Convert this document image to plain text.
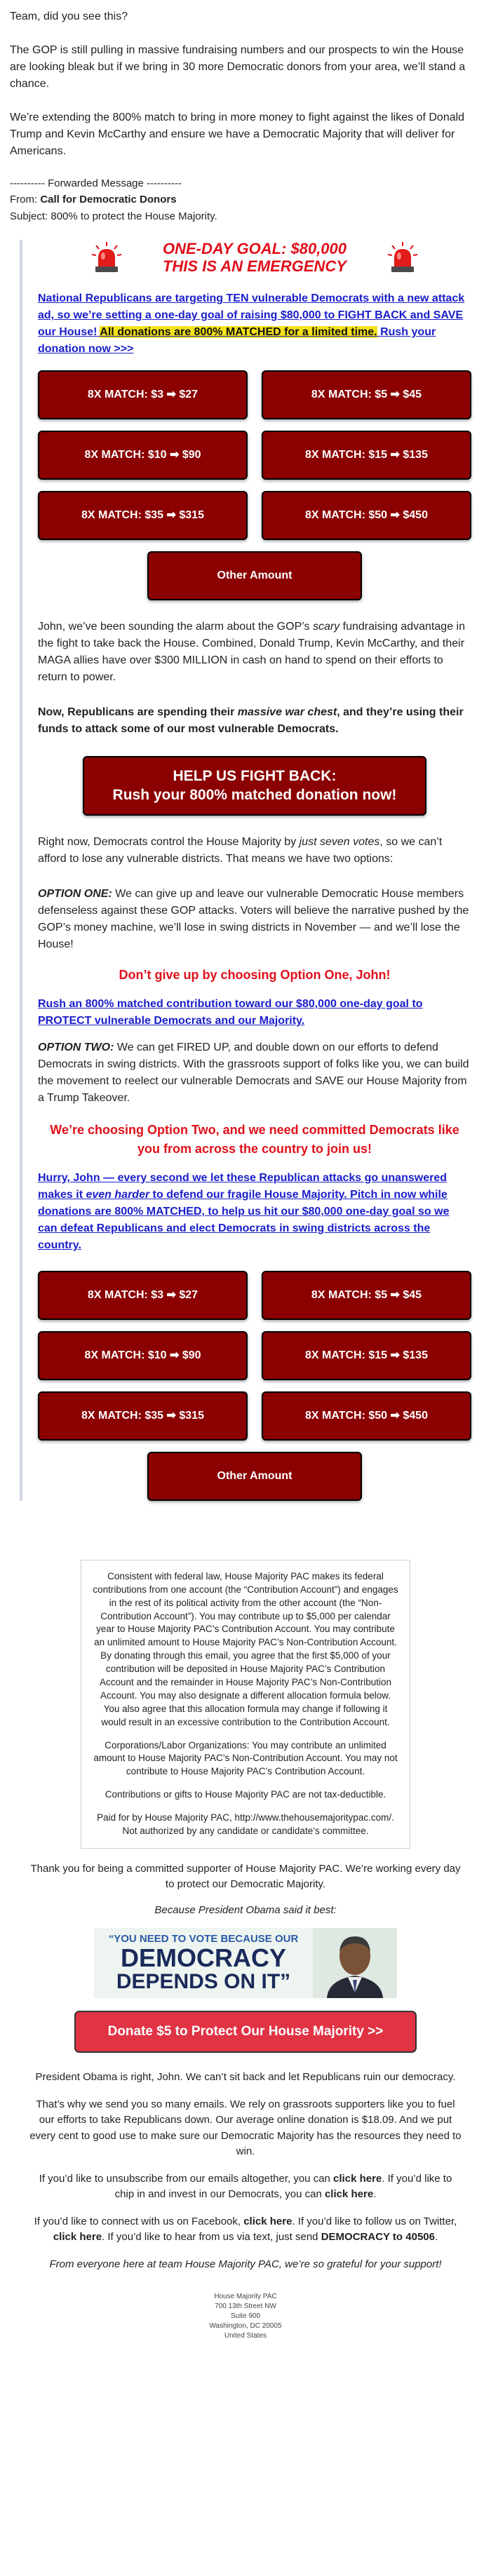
Team, did you see this?

The GOP is still pulling in massive fundraising numbers and our prospects to win the House are looking bleak but if we bring in 30 more Democratic donors from your area, we’ll stand a chance.

We’re extending the 800% match to bring in more money to fight against the likes of Donald Trump and Kevin McCarthy and ensure we have a Democratic Majority that will deliver for Americans.

---------- Forwarded Message ----------
From: Call for Democratic Donors
Subject: 800% to protect the House Majority.
ONE-DAY GOAL: $80,000
THIS IS AN EMERGENCY

National Republicans are targeting TEN vulnerable Democrats with a new attack ad, so we’re setting a one-day goal of raising $80,000 to FIGHT BACK and SAVE our House! All donations are 800% MATCHED for a limited time. Rush your donation now >>>

8X MATCH: $3 ➡ $27	8X MATCH: $5 ➡ $45
8X MATCH: $10 ➡ $90	8X MATCH: $15 ➡ $135
8X MATCH: $35 ➡ $315	8X MATCH: $50 ➡ $450
Other Amount

John, we’ve been sounding the alarm about the GOP’s scary fundraising advantage in the fight to take back the House. Combined, Donald Trump, Kevin McCarthy, and their MAGA allies have over $300 MILLION in cash on hand to spend on their efforts to return to power.

Now, Republicans are spending their massive war chest, and they’re using their funds to attack some of our most vulnerable Democrats.

HELP US FIGHT BACK:
Rush your 800% matched donation now!

Right now, Democrats control the House Majority by just seven votes, so we can’t afford to lose any vulnerable districts. That means we have two options:

OPTION ONE: We can give up and leave our vulnerable Democratic House members defenseless against these GOP attacks. Voters will believe the narrative pushed by the GOP’s money machine, we’ll lose in swing districts in November — and we’ll lose the House!

Don’t give up by choosing Option One, John!

Rush an 800% matched contribution toward our $80,000 one-day goal to PROTECT vulnerable Democrats and our Majority.

OPTION TWO: We can get FIRED UP, and double down on our efforts to defend Democrats in swing districts. With the grassroots support of folks like you, we can build the movement to reelect our vulnerable Democrats and SAVE our House Majority from a Trump Takeover.

We’re choosing Option Two, and we need committed Democrats like you from across the country to join us!

Hurry, John — every second we let these Republican attacks go unanswered makes it even harder to defend our fragile House Majority. Pitch in now while donations are 800% MATCHED, to help us hit our $80,000 one-day goal so we can defeat Republicans and elect Democrats in swing districts across the country.

8X MATCH: $3 ➡ $27	8X MATCH: $5 ➡ $45
8X MATCH: $10 ➡ $90	8X MATCH: $15 ➡ $135
8X MATCH: $35 ➡ $315	8X MATCH: $50 ➡ $450
Other Amount

Consistent with federal law, House Majority PAC makes its federal contributions from one account (the “Contribution Account”) and engages in the rest of its political activity from the other account (the “Non-Contribution Account”). You may contribute up to $5,000 per calendar year to House Majority PAC’s Contribution Account. You may contribute an unlimited amount to House Majority PAC’s Non-Contribution Account. By donating through this email, you agree that the first $5,000 of your contribution will be deposited in House Majority PAC’s Contribution Account and the remainder in House Majority PAC’s Non-Contribution Account. You may also designate a different allocation formula below. You also agree that this allocation formula may change if following it would result in an excessive contribution to the Contribution Account.

Corporations/Labor Organizations: You may contribute an unlimited amount to House Majority PAC’s Non-Contribution Account. You may not contribute to House Majority PAC’s Contribution Account.

Contributions or gifts to House Majority PAC are not tax-deductible.

Paid for by House Majority PAC, http://www.thehousemajoritypac.com/. Not authorized by any candidate or candidate’s committee.

Thank you for being a committed supporter of House Majority PAC. We’re working every day to protect our Democratic Majority.

Because President Obama said it best:

“YOU NEED TO VOTE BECAUSE OUR
DEMOCRACY
DEPENDS ON IT”
Donate $5 to Protect Our House Majority >>

President Obama is right, John. We can’t sit back and let Republicans ruin our democracy.

That’s why we send you so many emails. We rely on grassroots supporters like you to fuel our efforts to take Republicans down. Our average online donation is $18.09. And we put every cent to good use to make sure our Democratic Majority has the resources they need to win.

If you’d like to unsubscribe from our emails altogether, you can click here. If you’d like to chip in and invest in our Democrats, you can click here.

If you’d like to connect with us on Facebook, click here. If you’d like to follow us on Twitter, click here. If you’d like to hear from us via text, just send DEMOCRACY to 40506.

From everyone here at team House Majority PAC, we’re so grateful for your support!

House Majority PAC
700 13th Street NW
Suite 900
Washington, DC 20005
United States
